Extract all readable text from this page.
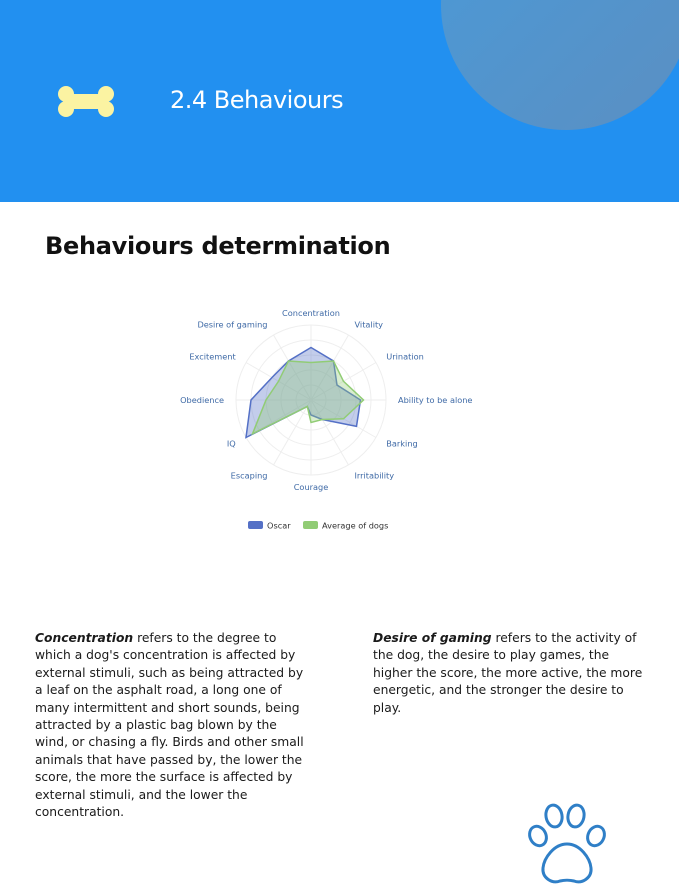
2.4 Behaviours
Behaviours determination
Concentration
Vitality
Urination
Ability to be alone
Barking
Irritability
Courage
Escaping
IQ
Obedience
Excitement
Desire of gaming
Oscar	Average of dogs

Concentration refers to the degree to which a dog's concentration is affected by external stimuli, such as being attracted by a leaf on the asphalt road, a long one of many intermittent and short sounds, being attracted by a plastic bag blown by the wind, or chasing a fly. Birds and other small animals that have passed by, the lower the score, the more the surface is affected by external stimuli, and the lower the concentration.

Desire of gaming refers to the activity of the dog, the desire to play games, the higher the score, the more active, the more energetic, and the stronger the desire to play.
